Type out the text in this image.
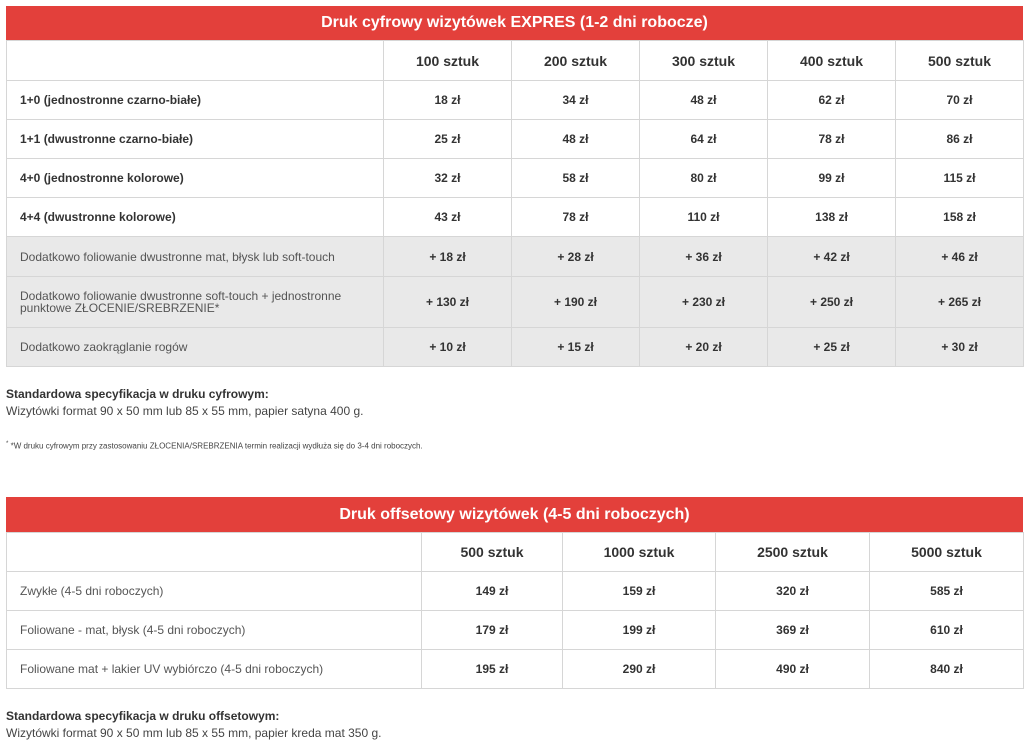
Druk cyfrowy wizytówek EXPRES (1-2 dni robocze)
	100 sztuk	200 sztuk	300 sztuk	400 sztuk	500 sztuk
1+0 (jednostronne czarno-białe)	18 zł	34 zł	48 zł	62 zł	70 zł
1+1 (dwustronne czarno-białe)	25 zł	48 zł	64 zł	78 zł	86 zł
4+0 (jednostronne kolorowe)	32 zł	58 zł	80 zł	99 zł	115 zł
4+4 (dwustronne kolorowe)	43 zł	78 zł	110 zł	138 zł	158 zł
Dodatkowo foliowanie dwustronne mat, błysk lub soft-touch	+ 18 zł	+ 28 zł	+ 36 zł	+ 42 zł	+ 46 zł
Dodatkowo foliowanie dwustronne soft-touch + jednostronne punktowe ZŁOCENIE/SREBRZENIE*	+ 130 zł	+ 190 zł	+ 230 zł	+ 250 zł	+ 265 zł
Dodatkowo zaokrąglanie rogów	+ 10 zł	+ 15 zł	+ 20 zł	+ 25 zł	+ 30 zł
Standardowa specyfikacja w druku cyfrowym:
Wizytówki format 90 x 50 mm lub 85 x 55 mm, papier satyna 400 g.
* *W druku cyfrowym przy zastosowaniu ZŁOCENIA/SREBRZENIA termin realizacji wydłuża się do 3-4 dni roboczych.
Druk offsetowy wizytówek (4-5 dni roboczych)
	500 sztuk	1000 sztuk	2500 sztuk	5000 sztuk
Zwykłe (4-5 dni roboczych)	149 zł	159 zł	320 zł	585 zł
Foliowane - mat, błysk (4-5 dni roboczych)	179 zł	199 zł	369 zł	610 zł
Foliowane mat + lakier UV wybiórczo (4-5 dni roboczych)	195 zł	290 zł	490 zł	840 zł
Standardowa specyfikacja w druku offsetowym:
Wizytówki format 90 x 50 mm lub 85 x 55 mm, papier kreda mat 350 g.
